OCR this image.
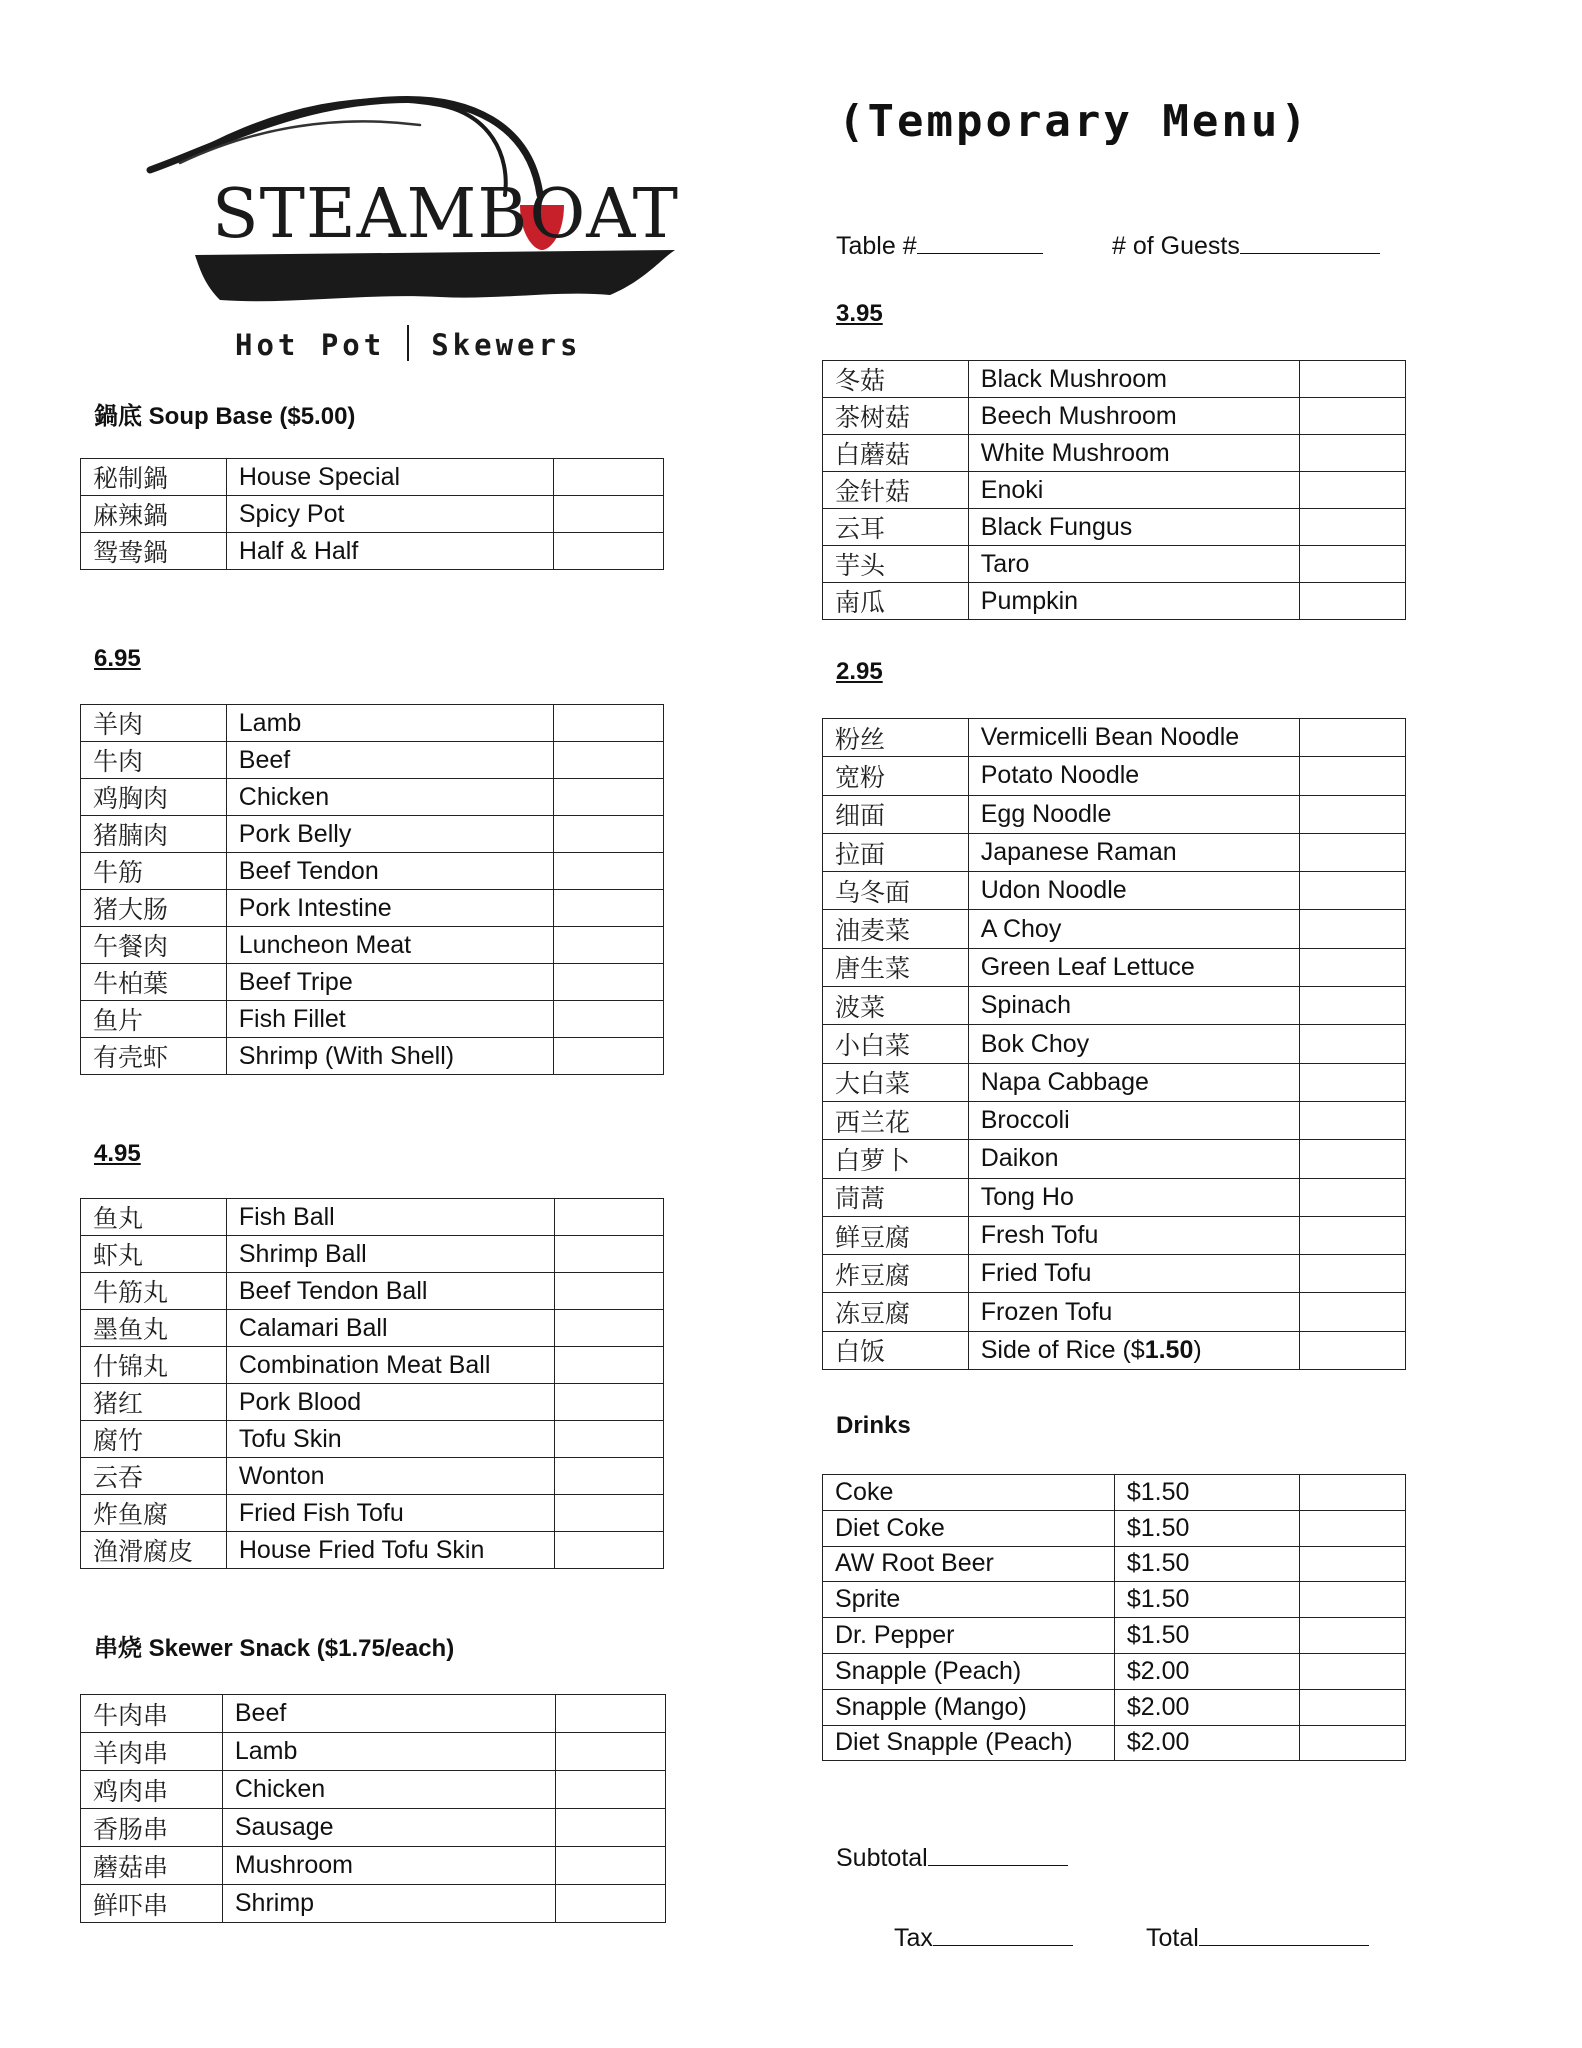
STEAMBOAT
Hot Pot Skewers
(Temporary Menu)
Table #	# of Guests
鍋底 Soup Base ($5.00)
秘制鍋	House Special	
麻辣鍋	Spicy Pot	
鸳鸯鍋	Half & Half	
6.95
羊肉	Lamb	
牛肉	Beef	
鸡胸肉	Chicken	
猪腩肉	Pork Belly	
牛筋	Beef Tendon	
猪大肠	Pork Intestine	
午餐肉	Luncheon Meat	
牛柏葉	Beef Tripe	
鱼片	Fish Fillet	
有壳虾	Shrimp (With Shell)	
4.95
鱼丸	Fish Ball	
虾丸	Shrimp Ball	
牛筋丸	Beef Tendon Ball	
墨鱼丸	Calamari Ball	
什锦丸	Combination Meat Ball	
猪红	Pork Blood	
腐竹	Tofu Skin	
云吞	Wonton	
炸鱼腐	Fried Fish Tofu	
渔滑腐皮	House Fried Tofu Skin	
串烧 Skewer Snack ($1.75/each)
牛肉串	Beef	
羊肉串	Lamb	
鸡肉串	Chicken	
香肠串	Sausage	
蘑菇串	Mushroom	
鲜吓串	Shrimp	
3.95
冬菇	Black Mushroom	
茶树菇	Beech Mushroom	
白蘑菇	White Mushroom	
金针菇	Enoki	
云耳	Black Fungus	
芋头	Taro	
南瓜	Pumpkin	
2.95
粉丝	Vermicelli Bean Noodle	
宽粉	Potato Noodle	
细面	Egg Noodle	
拉面	Japanese Raman	
乌冬面	Udon Noodle	
油麦菜	A Choy	
唐生菜	Green Leaf Lettuce	
波菜	Spinach	
小白菜	Bok Choy	
大白菜	Napa Cabbage	
西兰花	Broccoli	
白萝卜	Daikon	
茼蒿	Tong Ho	
鲜豆腐	Fresh Tofu	
炸豆腐	Fried Tofu	
冻豆腐	Frozen Tofu	
白饭	Side of Rice ($1.50)	
Drinks
Coke	$1.50	
Diet Coke	$1.50	
AW Root Beer	$1.50	
Sprite	$1.50	
Dr. Pepper	$1.50	
Snapple (Peach)	$2.00	
Snapple (Mango)	$2.00	
Diet Snapple (Peach)	$2.00	
Subtotal
Tax	Total
